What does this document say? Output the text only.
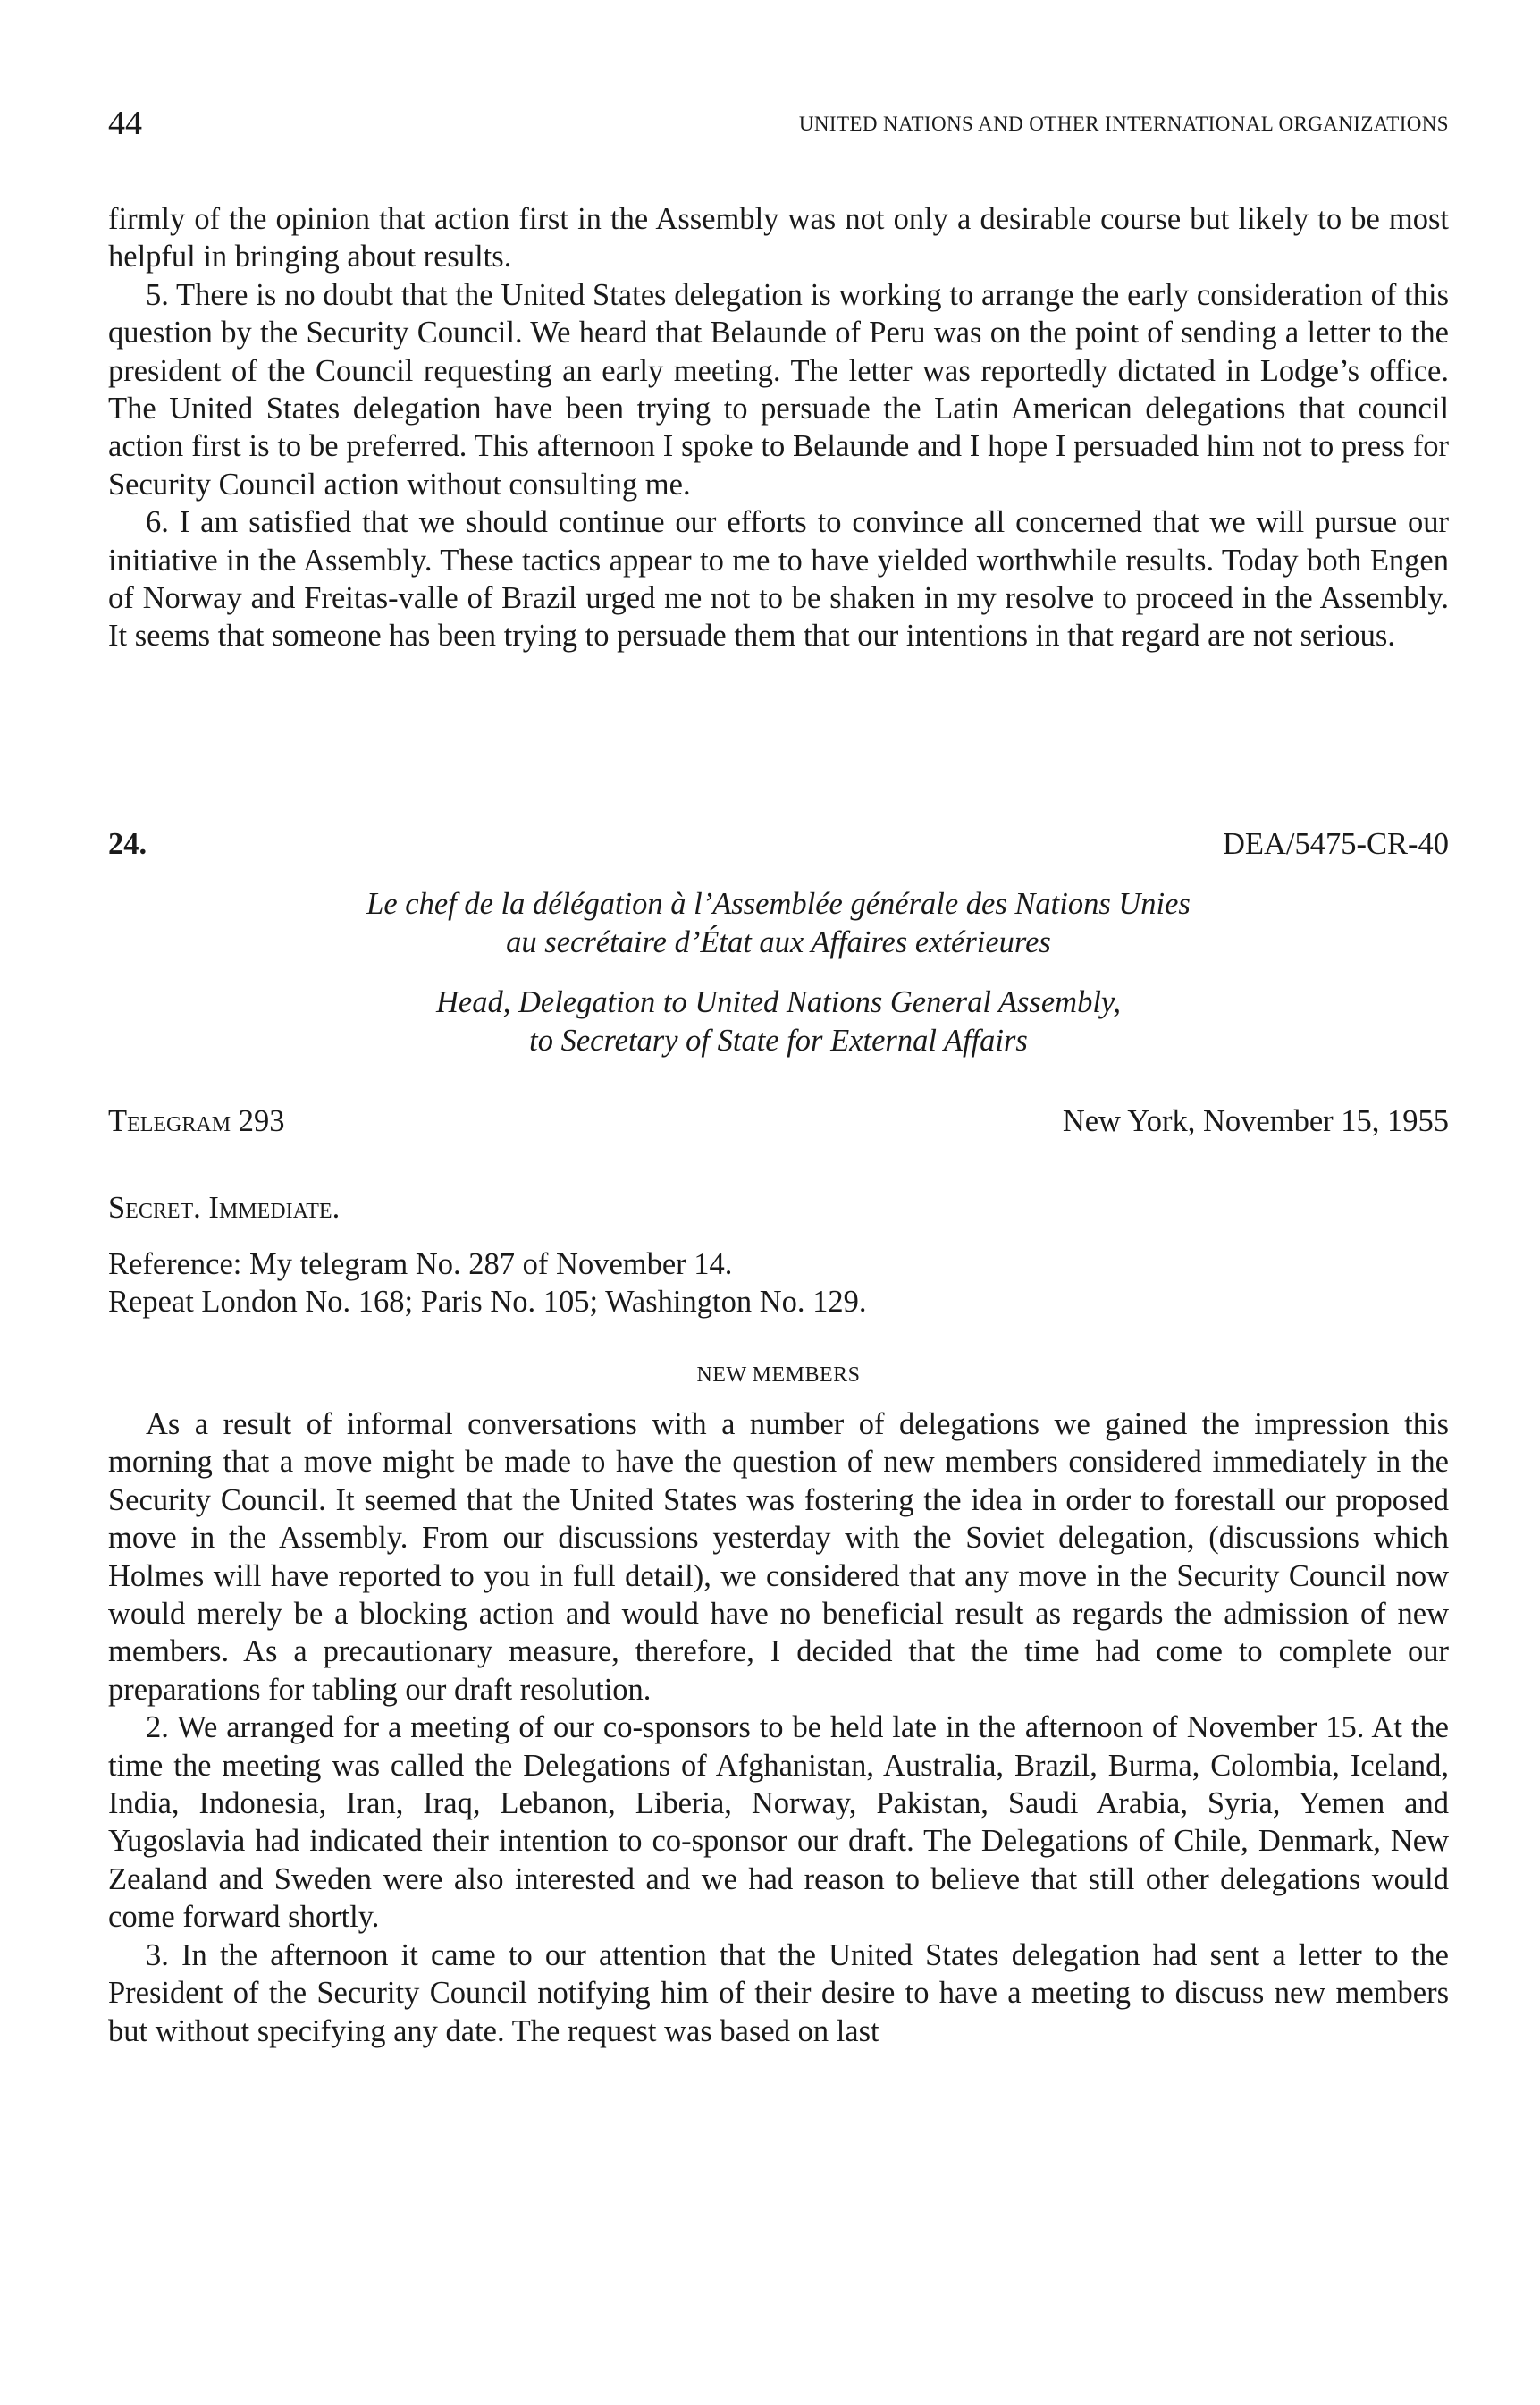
44	UNITED NATIONS AND OTHER INTERNATIONAL ORGANIZATIONS

firmly of the opinion that action first in the Assembly was not only a desirable course but likely to be most helpful in bringing about results.

5. There is no doubt that the United States delegation is working to arrange the early consideration of this question by the Security Council. We heard that Belaunde of Peru was on the point of sending a letter to the president of the Council requesting an early meeting. The letter was reportedly dictated in Lodge’s office. The United States delegation have been trying to persuade the Latin American delegations that council action first is to be preferred. This afternoon I spoke to Belaunde and I hope I persuaded him not to press for Security Council action without consulting me.

6. I am satisfied that we should continue our efforts to convince all concerned that we will pursue our initiative in the Assembly. These tactics appear to me to have yielded worthwhile results. Today both Engen of Norway and Freitas-valle of Brazil urged me not to be shaken in my resolve to proceed in the Assembly. It seems that someone has been trying to persuade them that our intentions in that regard are not serious.

24.	DEA/5475-CR-40
Le chef de la délégation à l’Assemblée générale des Nations Unies
au secrétaire d’État aux Affaires extérieures
Head, Delegation to United Nations General Assembly,
to Secretary of State for External Affairs
Telegram 293	New York, November 15, 1955
Secret. Immediate.
Reference: My telegram No. 287 of November 14.
Repeat London No. 168; Paris No. 105; Washington No. 129.
NEW MEMBERS

As a result of informal conversations with a number of delegations we gained the impression this morning that a move might be made to have the question of new members considered immediately in the Security Council. It seemed that the United States was fostering the idea in order to forestall our proposed move in the Assembly. From our discussions yesterday with the Soviet delegation, (discussions which Holmes will have reported to you in full detail), we considered that any move in the Security Council now would merely be a blocking action and would have no beneficial result as regards the admission of new members. As a precautionary measure, therefore, I decided that the time had come to complete our preparations for tabling our draft resolution.

2. We arranged for a meeting of our co-sponsors to be held late in the afternoon of November 15. At the time the meeting was called the Delegations of Afghanistan, Australia, Brazil, Burma, Colombia, Iceland, India, Indonesia, Iran, Iraq, Lebanon, Liberia, Norway, Pakistan, Saudi Arabia, Syria, Yemen and Yugoslavia had indicated their intention to co-sponsor our draft. The Delegations of Chile, Denmark, New Zealand and Sweden were also interested and we had reason to believe that still other delegations would come forward shortly.

3. In the afternoon it came to our attention that the United States delegation had sent a letter to the President of the Security Council notifying him of their desire to have a meeting to discuss new members but without specifying any date. The request was based on last
